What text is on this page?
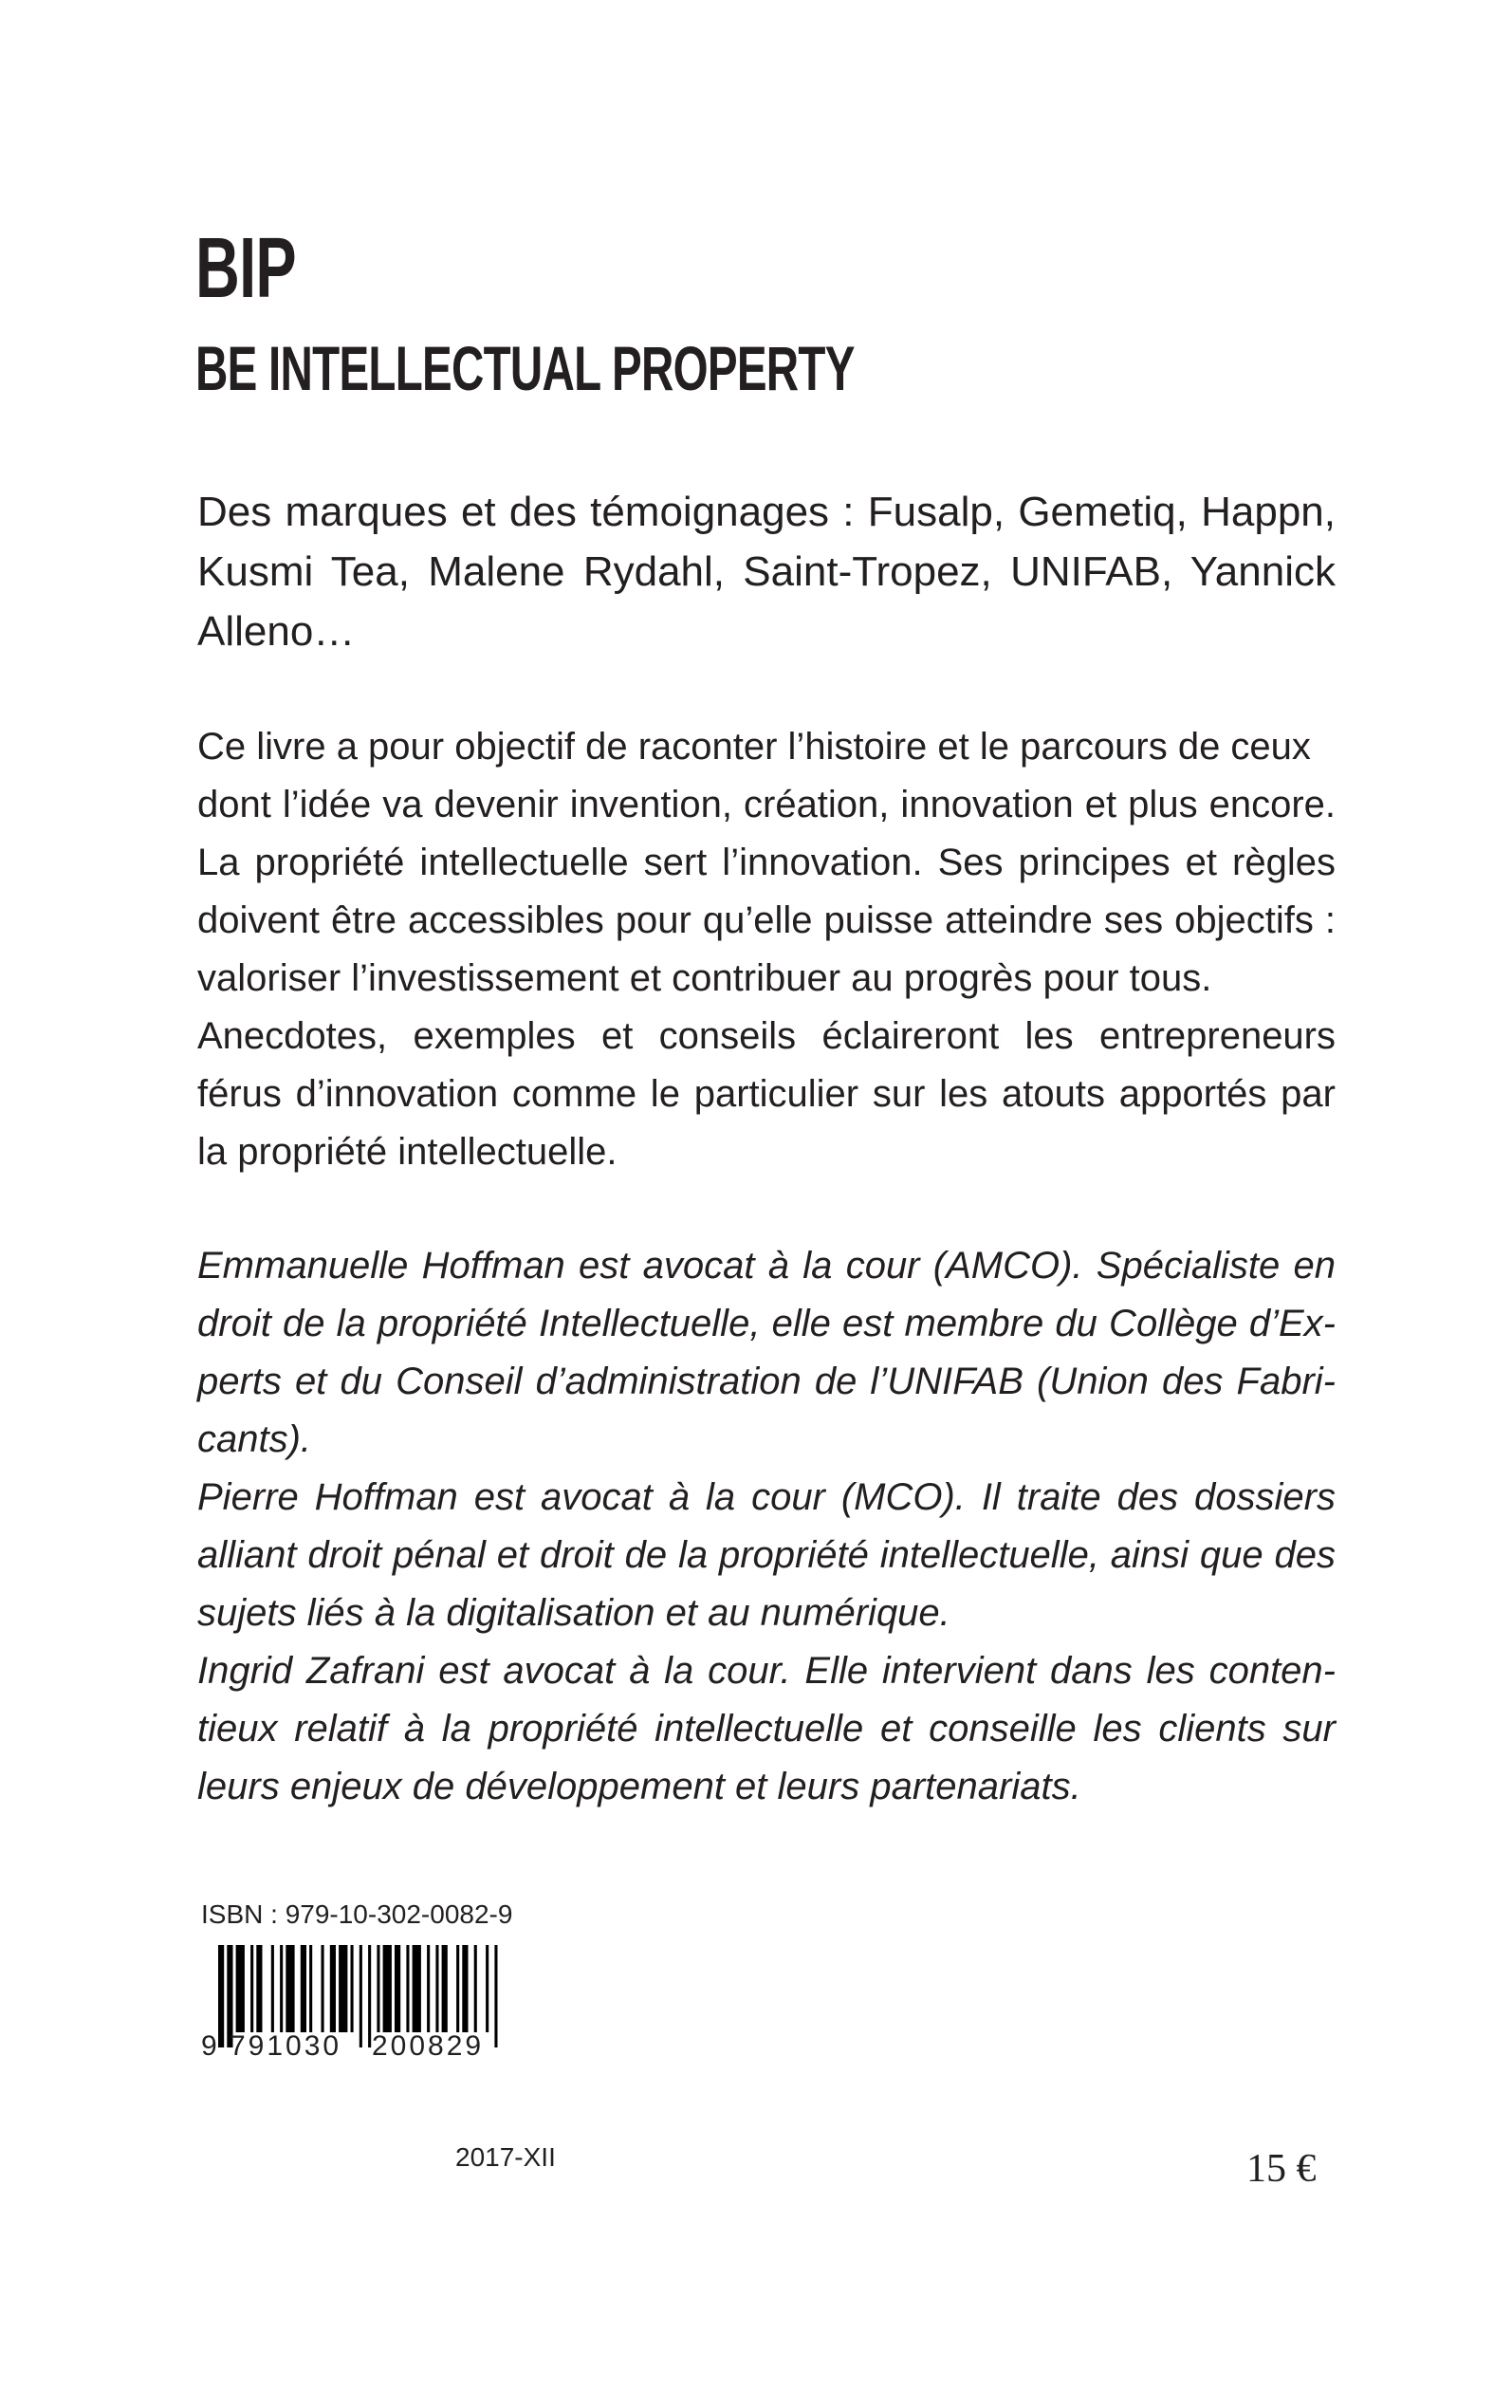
BIP
BE INTELLECTUAL PROPERTY
Des marques et des témoignages : Fusalp, Gemetiq, Happn,
Kusmi Tea, Malene Rydahl, Saint-Tropez, UNIFAB, Yannick
Alleno…
Ce livre a pour objectif de raconter l’histoire et le parcours de ceux
dont l’idée va devenir invention, création, innovation et plus encore.
La propriété intellectuelle sert l’innovation. Ses principes et règles
doivent être accessibles pour qu’elle puisse atteindre ses objectifs :
valoriser l’investissement et contribuer au progrès pour tous.
Anecdotes, exemples et conseils éclaireront les entrepreneurs
férus d’innovation comme le particulier sur les atouts apportés par
la propriété intellectuelle.
Emmanuelle Hoffman est avocat à la cour (AMCO). Spécialiste en
droit de la propriété Intellectuelle, elle est membre du Collège d’Ex-
perts et du Conseil d’administration de l’UNIFAB (Union des Fabri-
cants).
Pierre Hoffman est avocat à la cour (MCO). Il traite des dossiers
alliant droit pénal et droit de la propriété intellectuelle, ainsi que des
sujets liés à la digitalisation et au numérique.
Ingrid Zafrani est avocat à la cour. Elle intervient dans les conten-
tieux relatif à la propriété intellectuelle et conseille les clients sur
leurs enjeux de développement et leurs partenariats.

ISBN : 979-10-302-0082-9

9 791030 200829

2017-XII	15 €
